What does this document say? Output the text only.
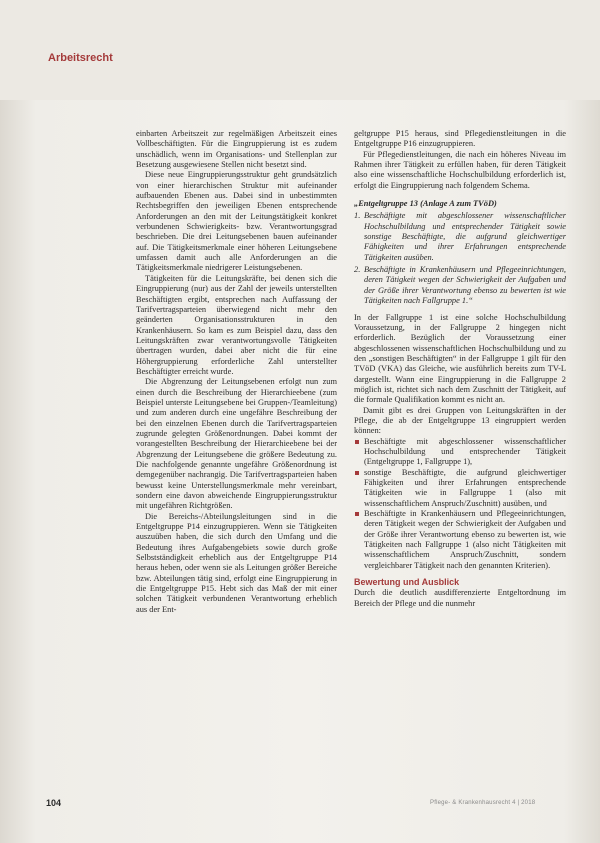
Arbeitsrecht

einbarten Arbeitszeit zur regelmäßigen Arbeitszeit eines Vollbeschäftigten. Für die Eingruppierung ist es zudem unschädlich, wenn im Organisations- und Stellenplan zur Besetzung ausgewiesene Stellen nicht besetzt sind.

Diese neue Eingruppierungsstruktur geht grundsätzlich von einer hierarchischen Struktur mit aufeinander aufbauenden Ebenen aus. Dabei sind in unbestimmten Rechtsbegriffen den jeweiligen Ebenen entsprechende Anforderungen an den mit der Leitungstätigkeit konkret verbundenen Schwierigkeits- bzw. Verantwortungsgrad beschrieben. Die drei Leitungsebenen bauen aufeinander auf. Die Tätigkeitsmerkmale einer höheren Leitungsebene umfassen damit auch alle Anforderungen an die Tätigkeitsmerkmale niedrigerer Leistungsebenen.

Tätigkeiten für die Leitungskräfte, bei denen sich die Eingruppierung (nur) aus der Zahl der jeweils unterstellten Beschäftigten ergibt, entsprechen nach Auffassung der Tarifvertragsparteien überwiegend nicht mehr den geänderten Organisationsstrukturen in den Krankenhäusern. So kam es zum Beispiel dazu, dass den Leitungskräften zwar verantwortungsvolle Tätigkeiten übertragen wurden, dabei aber nicht die für eine Höhergruppierung erforderliche Zahl unterstellter Beschäftigter erreicht wurde.

Die Abgrenzung der Leitungsebenen erfolgt nun zum einen durch die Beschreibung der Hierarchieebene (zum Beispiel unterste Leitungsebene bei Gruppen-/Teamleitung) und zum anderen durch eine ungefähre Beschreibung der bei den einzelnen Ebenen durch die Tarifvertragsparteien zugrunde gelegten Größenordnungen. Dabei kommt der vorangestellten Beschreibung der Hierarchieebene bei der Abgrenzung der Leitungsebene die größere Bedeutung zu. Die nachfolgende genannte ungefähre Größenordnung ist demgegenüber nachrangig. Die Tarifvertragsparteien haben bewusst keine Unterstellungsmerkmale mehr vereinbart, sondern eine davon abweichende Eingruppierungsstruktur mit ungefähren Richtgrößen.

Die Bereichs-/Abteilungsleitungen sind in die Entgeltgruppe P14 einzugruppieren. Wenn sie Tätigkeiten auszuüben haben, die sich durch den Umfang und die Bedeutung ihres Aufgabengebiets sowie durch große Selbstständigkeit erheblich aus der Entgeltgruppe P14 heraus heben, oder wenn sie als Leitungen größer Bereiche bzw. Abteilungen tätig sind, erfolgt eine Eingruppierung in die Entgeltgruppe P15. Hebt sich das Maß der mit einer solchen Tätigkeit verbundenen Verantwortung erheblich aus der Ent-

geltgruppe P15 heraus, sind Pflegedienstleitungen in die Entgeltgruppe P16 einzugruppieren.

Für Pflegedienstleitungen, die nach ein höheres Niveau im Rahmen ihrer Tätigkeit zu erfüllen haben, für deren Tätigkeit also eine wissenschaftliche Hochschulbildung erforderlich ist, erfolgt die Eingruppierung nach folgendem Schema.

„Entgeltgruppe 13 (Anlage A zum TVöD)
1. Beschäftigte mit abgeschlossener wissenschaftlicher Hochschulbildung und entsprechender Tätigkeit sowie sonstige Beschäftigte, die aufgrund gleichwertiger Fähigkeiten und ihrer Erfahrungen entsprechende Tätigkeiten ausüben.
2. Beschäftigte in Krankenhäusern und Pflegeeinrichtungen, deren Tätigkeit wegen der Schwierigkeit der Aufgaben und der Größe ihrer Verantwortung ebenso zu bewerten ist wie Tätigkeiten nach Fallgruppe 1.“

In der Fallgruppe 1 ist eine solche Hochschulbildung Voraussetzung, in der Fallgruppe 2 hingegen nicht erforderlich. Bezüglich der Voraussetzung einer abgeschlossenen wissenschaftlichen Hochschulbildung und zu den „sonstigen Beschäftigten“ in der Fallgruppe 1 gilt für den TVöD (VKA) das Gleiche, wie ausführlich bereits zum TV-L dargestellt. Wann eine Eingruppierung in die Fallgruppe 2 möglich ist, richtet sich nach dem Zuschnitt der Tätigkeit, auf die formale Qualifikation kommt es nicht an.

Damit gibt es drei Gruppen von Leitungskräften in der Pflege, die ab der Entgeltgruppe 13 eingruppiert werden können:

Beschäftigte mit abgeschlossener wissenschaftlicher Hochschulbildung und entsprechender Tätigkeit (Entgeltgruppe 1, Fallgruppe 1),
sonstige Beschäftigte, die aufgrund gleichwertiger Fähigkeiten und ihrer Erfahrungen entsprechende Tätigkeiten wie in Fallgruppe 1 (also mit wissenschaftlichem Anspruch/Zuschnitt) ausüben, und
Beschäftigte in Krankenhäusern und Pflegeeinrichtungen, deren Tätigkeit wegen der Schwierigkeit der Aufgaben und der Größe ihrer Verantwortung ebenso zu bewerten ist, wie Tätigkeiten nach Fallgruppe 1 (also nicht Tätigkeiten mit wissenschaftlichem Anspruch/Zuschnitt, sondern vergleichbarer Tätigkeit nach den genannten Kriterien).
Bewertung und Ausblick

Durch die deutlich ausdifferenzierte Entgeltordnung im Bereich der Pflege und die nunmehr

104	Pflege- & Krankenhausrecht 4 | 2018
